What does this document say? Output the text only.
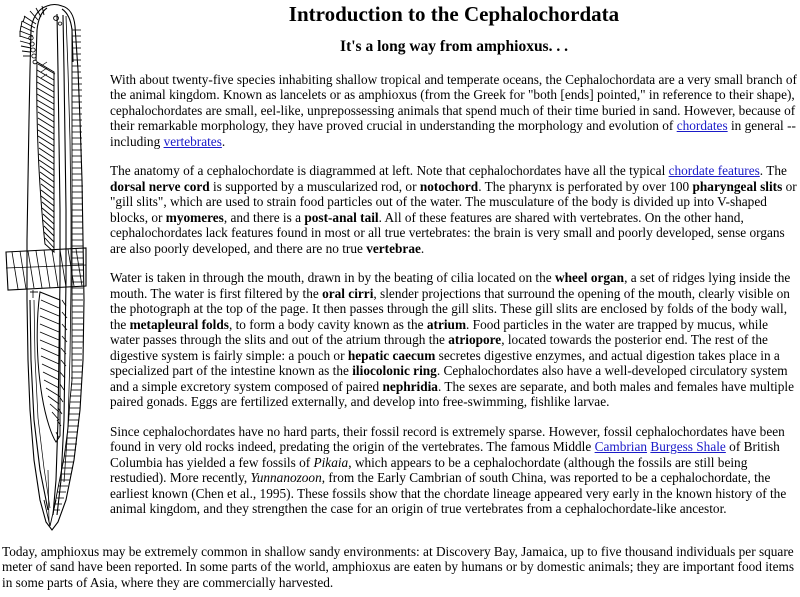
Introduction to the Cephalochordata
It's a long way from amphioxus. . .

With about twenty-five species inhabiting shallow tropical and temperate oceans, the Cephalochordata are a very small branch of the animal kingdom. Known as lancelets or as amphioxus (from the Greek for "both [ends] pointed," in reference to their shape), cephalochordates are small, eel-like, unprepossessing animals that spend much of their time buried in sand. However, because of their remarkable morphology, they have proved crucial in understanding the morphology and evolution of chordates in general -- including vertebrates.

The anatomy of a cephalochordate is diagrammed at left. Note that cephalochordates have all the typical chordate features. The dorsal nerve cord is supported by a muscularized rod, or notochord. The pharynx is perforated by over 100 pharyngeal slits or "gill slits", which are used to strain food particles out of the water. The musculature of the body is divided up into V-shaped blocks, or myomeres, and there is a post-anal tail. All of these features are shared with vertebrates. On the other hand, cephalochordates lack features found in most or all true vertebrates: the brain is very small and poorly developed, sense organs are also poorly developed, and there are no true vertebrae.

Water is taken in through the mouth, drawn in by the beating of cilia located on the wheel organ, a set of ridges lying inside the mouth. The water is first filtered by the oral cirri, slender projections that surround the opening of the mouth, clearly visible on the photograph at the top of the page. It then passes through the gill slits. These gill slits are enclosed by folds of the body wall, the metapleural folds, to form a body cavity known as the atrium. Food particles in the water are trapped by mucus, while water passes through the slits and out of the atrium through the atriopore, located towards the posterior end. The rest of the digestive system is fairly simple: a pouch or hepatic caecum secretes digestive enzymes, and actual digestion takes place in a specialized part of the intestine known as the iliocolonic ring. Cephalochordates also have a well-developed circulatory system and a simple excretory system composed of paired nephridia. The sexes are separate, and both males and females have multiple paired gonads. Eggs are fertilized externally, and develop into free-swimming, fishlike larvae.

Since cephalochordates have no hard parts, their fossil record is extremely sparse. However, fossil cephalochordates have been found in very old rocks indeed, predating the origin of the vertebrates. The famous Middle Cambrian Burgess Shale of British Columbia has yielded a few fossils of Pikaia, which appears to be a cephalochordate (although the fossils are still being restudied). More recently, Yunnanozoon, from the Early Cambrian of south China, was reported to be a cephalochordate, the earliest known (Chen et al., 1995). These fossils show that the chordate lineage appeared very early in the known history of the animal kingdom, and they strengthen the case for an origin of true vertebrates from a cephalochordate-like ancestor.

Today, amphioxus may be extremely common in shallow sandy environments: at Discovery Bay, Jamaica, up to five thousand individuals per square meter of sand have been reported. In some parts of the world, amphioxus are eaten by humans or by domestic animals; they are important food items in some parts of Asia, where they are commercially harvested.
